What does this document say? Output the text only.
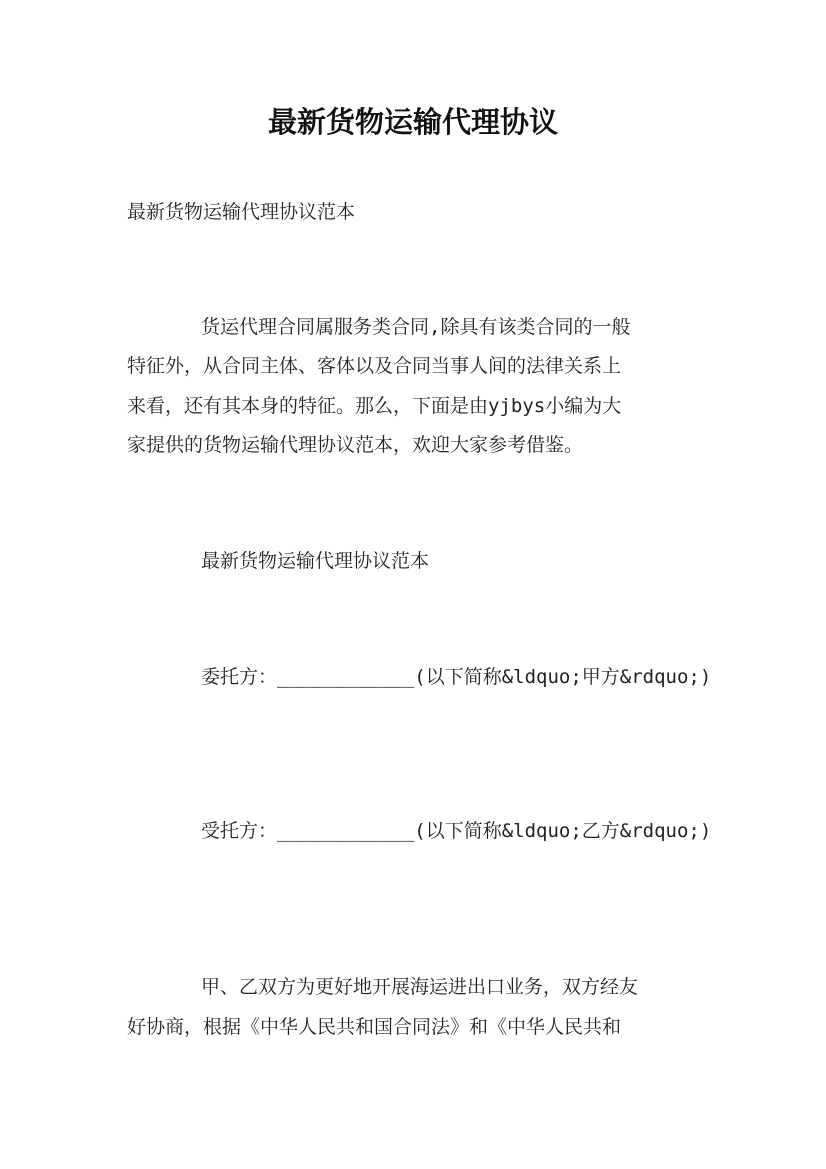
最新货物运输代理协议

最新货物运输代理协议范本

货运代理合同属服务类合同,除具有该类合同的一般

特征外，从合同主体、客体以及合同当事人间的法律关系上

来看，还有其本身的特征。那么，下面是由yjbys小编为大

家提供的货物运输代理协议范本，欢迎大家参考借鉴。

最新货物运输代理协议范本

委托方：____________(以下简称&ldquo;甲方&rdquo;)

受托方：____________(以下简称&ldquo;乙方&rdquo;)

甲、乙双方为更好地开展海运进出口业务，双方经友

好协商，根据《中华人民共和国合同法》和《中华人民共和
